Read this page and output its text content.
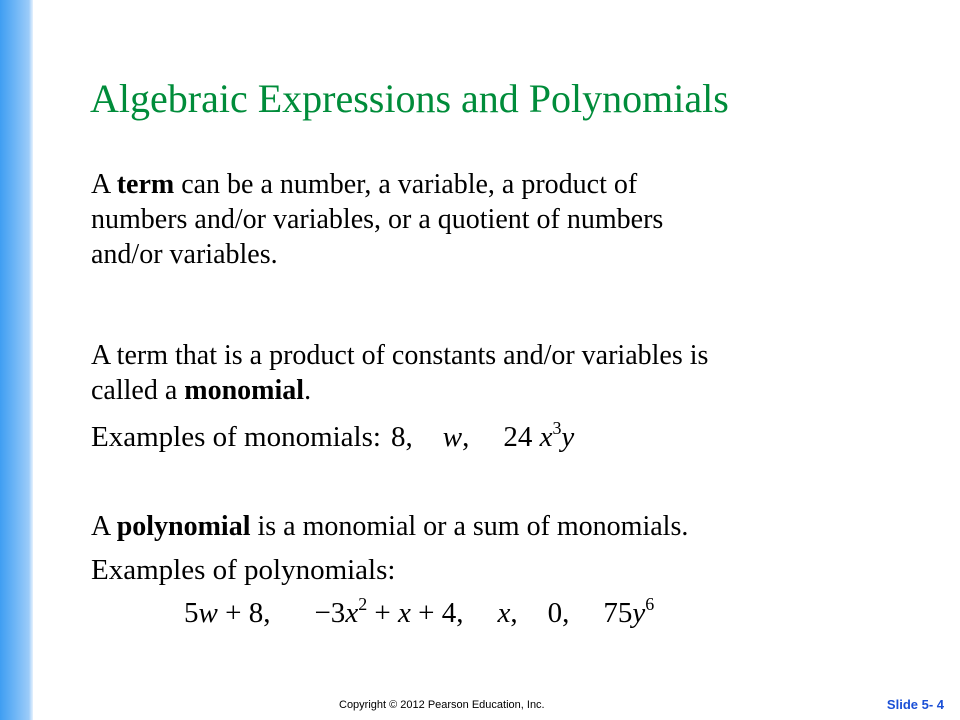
Algebraic Expressions and Polynomials

A term can be a number, a variable, a product of
numbers and/or variables, or a quotient of numbers
and/or variables.

A term that is a product of constants and/or variables is
called a monomial.

Examples of monomials: 8, w, 24 $x^3y$

A polynomial is a monomial or a sum of monomials.

Examples of polynomials:

5w + 8, $-3x^2 + x + 4$, x, 0, $75y^6$
Copyright © 2012 Pearson Education, Inc.	Slide 5- 4
